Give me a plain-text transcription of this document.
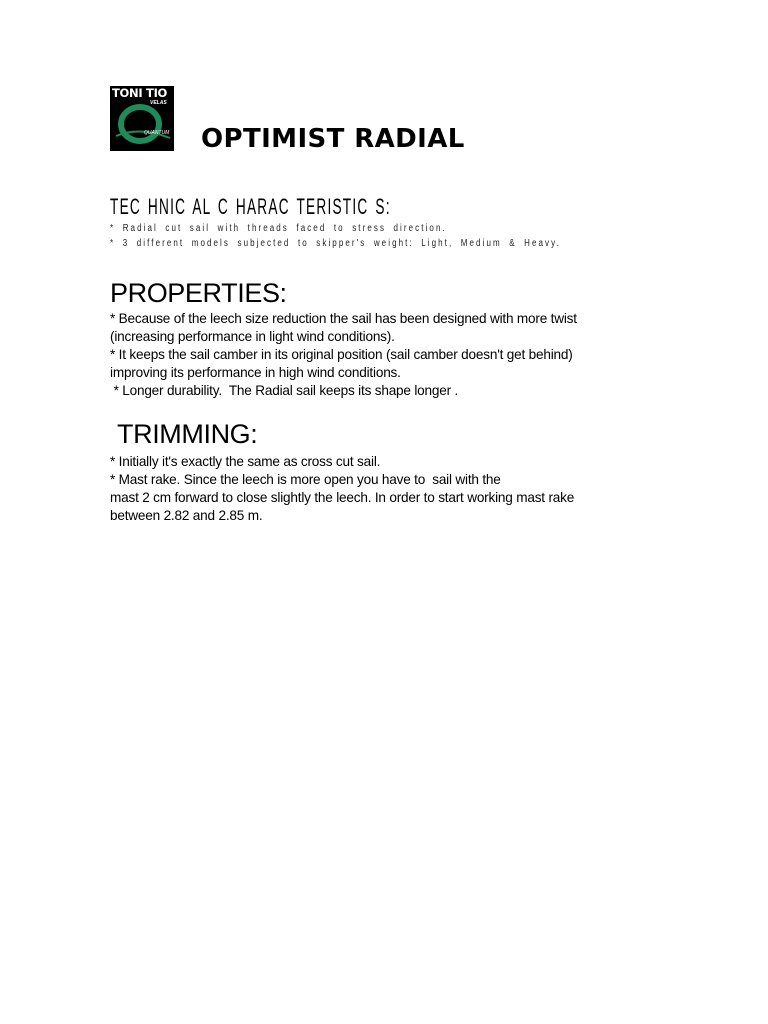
TONI TIO
VELAS
QUANTUM OPTIMIST RADIAL
TEC HNIC AL C HARAC TERISTIC S:

* Radial cut sail with threads faced to stress direction.

* 3 different models subjected to skipper's weight: Light, Medium & Heavy.

PROPERTIES:

* Because of the leech size reduction the sail has been designed with more twist

(increasing performance in light wind conditions).

* It keeps the sail camber in its original position (sail camber doesn't get behind)

improving its performance in high wind conditions.

* Longer durability.  The Radial sail keeps its shape longer .

TRIMMING:

* Initially it's exactly the same as cross cut sail.

* Mast rake. Since the leech is more open you have to  sail with the

mast 2 cm forward to close slightly the leech. In order to start working mast rake

between 2.82 and 2.85 m.
